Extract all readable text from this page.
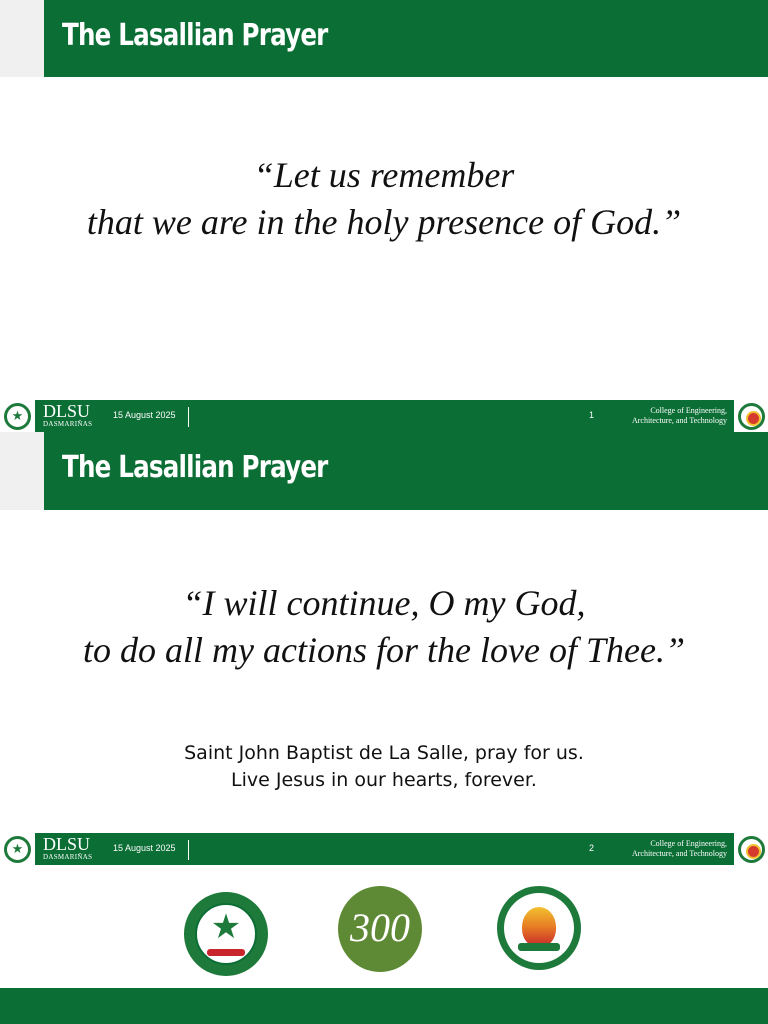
The Lasallian Prayer
“Let us remember
that we are in the holy presence of God.”
★
DLSU
DASMARIÑAS
15 August 2025	1	College of Engineering,
Architecture, and Technology
The Lasallian Prayer
“I will continue, O my God,
to do all my actions for the love of Thee.”
Saint John Baptist de La Salle, pray for us.
Live Jesus in our hearts, forever.
★
DLSU
DASMARIÑAS
15 August 2025	2	College of Engineering,
Architecture, and Technology
★	300
